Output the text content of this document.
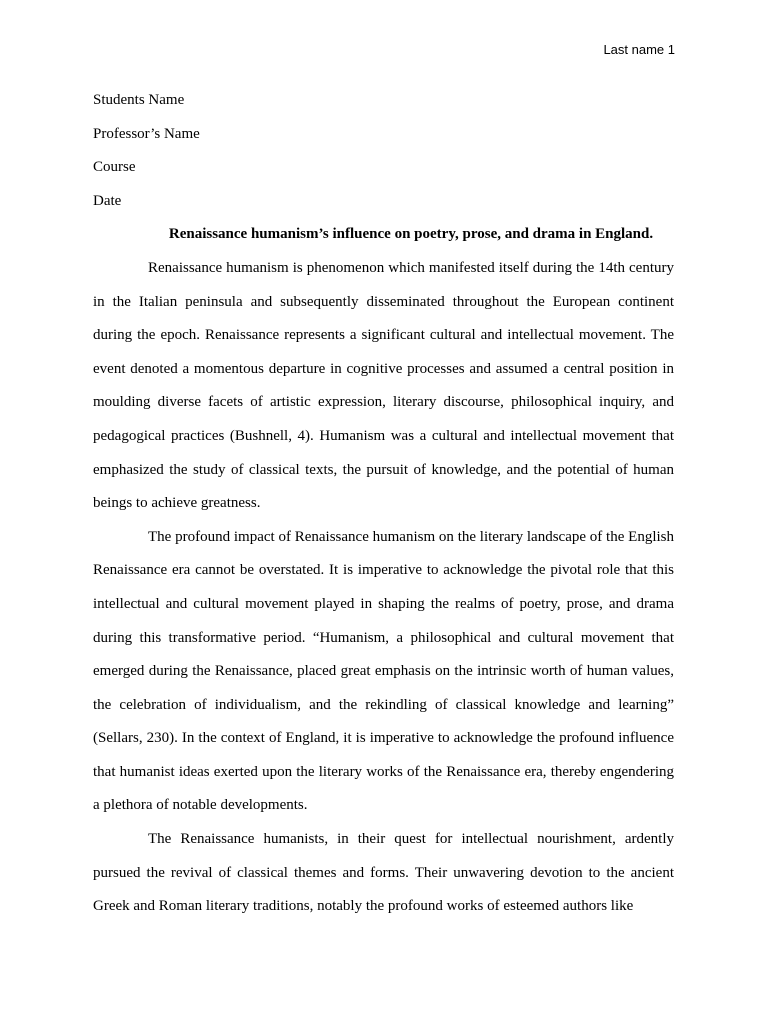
Last name 1

Students Name

Professor’s Name

Course

Date

Renaissance humanism’s influence on poetry, prose, and drama in England.

Renaissance humanism is phenomenon which manifested itself during the 14th century in the Italian peninsula and subsequently disseminated throughout the European continent during the epoch. Renaissance represents a significant cultural and intellectual movement. The event denoted a momentous departure in cognitive processes and assumed a central position in moulding diverse facets of artistic expression, literary discourse, philosophical inquiry, and pedagogical practices (Bushnell, 4). Humanism was a cultural and intellectual movement that emphasized the study of classical texts, the pursuit of knowledge, and the potential of human beings to achieve greatness.

The profound impact of Renaissance humanism on the literary landscape of the English Renaissance era cannot be overstated. It is imperative to acknowledge the pivotal role that this intellectual and cultural movement played in shaping the realms of poetry, prose, and drama during this transformative period. “Humanism, a philosophical and cultural movement that emerged during the Renaissance, placed great emphasis on the intrinsic worth of human values, the celebration of individualism, and the rekindling of classical knowledge and learning” (Sellars, 230). In the context of England, it is imperative to acknowledge the profound influence that humanist ideas exerted upon the literary works of the Renaissance era, thereby engendering a plethora of notable developments.

The Renaissance humanists, in their quest for intellectual nourishment, ardently pursued the revival of classical themes and forms. Their unwavering devotion to the ancient Greek and Roman literary traditions, notably the profound works of esteemed authors like
